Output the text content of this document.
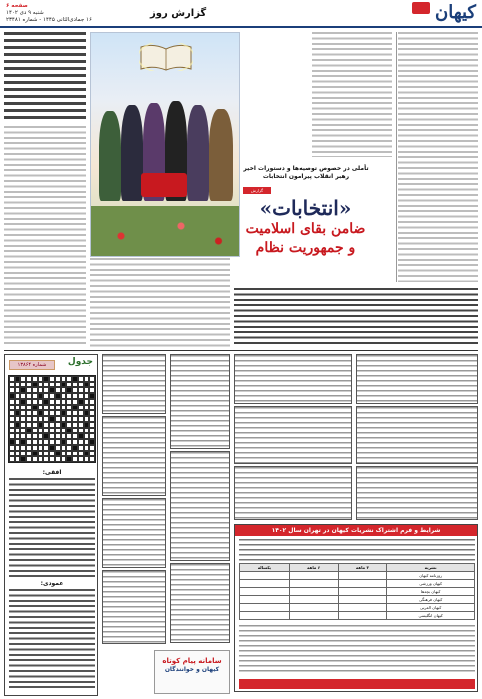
کیهان
گزارش روز
صفحه ۶
شنبه ۹ دی ۱۴۰۲
۱۶ جمادی‌الثانی ۱۴۴۵ - شماره ۲۳۴۸۱
تأملی در خصوص توصیه‌ها و دستورات اخیر رهبر انقلاب پیرامون انتخابات
گزارش
«انتخابات»
ضامن بقای اسلامیت
و جمهوریت نظام
جدول
شماره ۱۳۸۶۴
افقی:
عمودی:
شرایط و فرم اشتراک نشریات کیهان در تهران سال ۱۴۰۲
نشریه	۳ ماهه	۶ ماهه	یکساله
روزنامه کیهان			
کیهان ورزشی			
کیهان بچه‌ها			
کیهان فرهنگی			
کیهان العربی			
کیهان انگلیسی			
سامانه پیام کوتاه
کیهان و خوانندگان
